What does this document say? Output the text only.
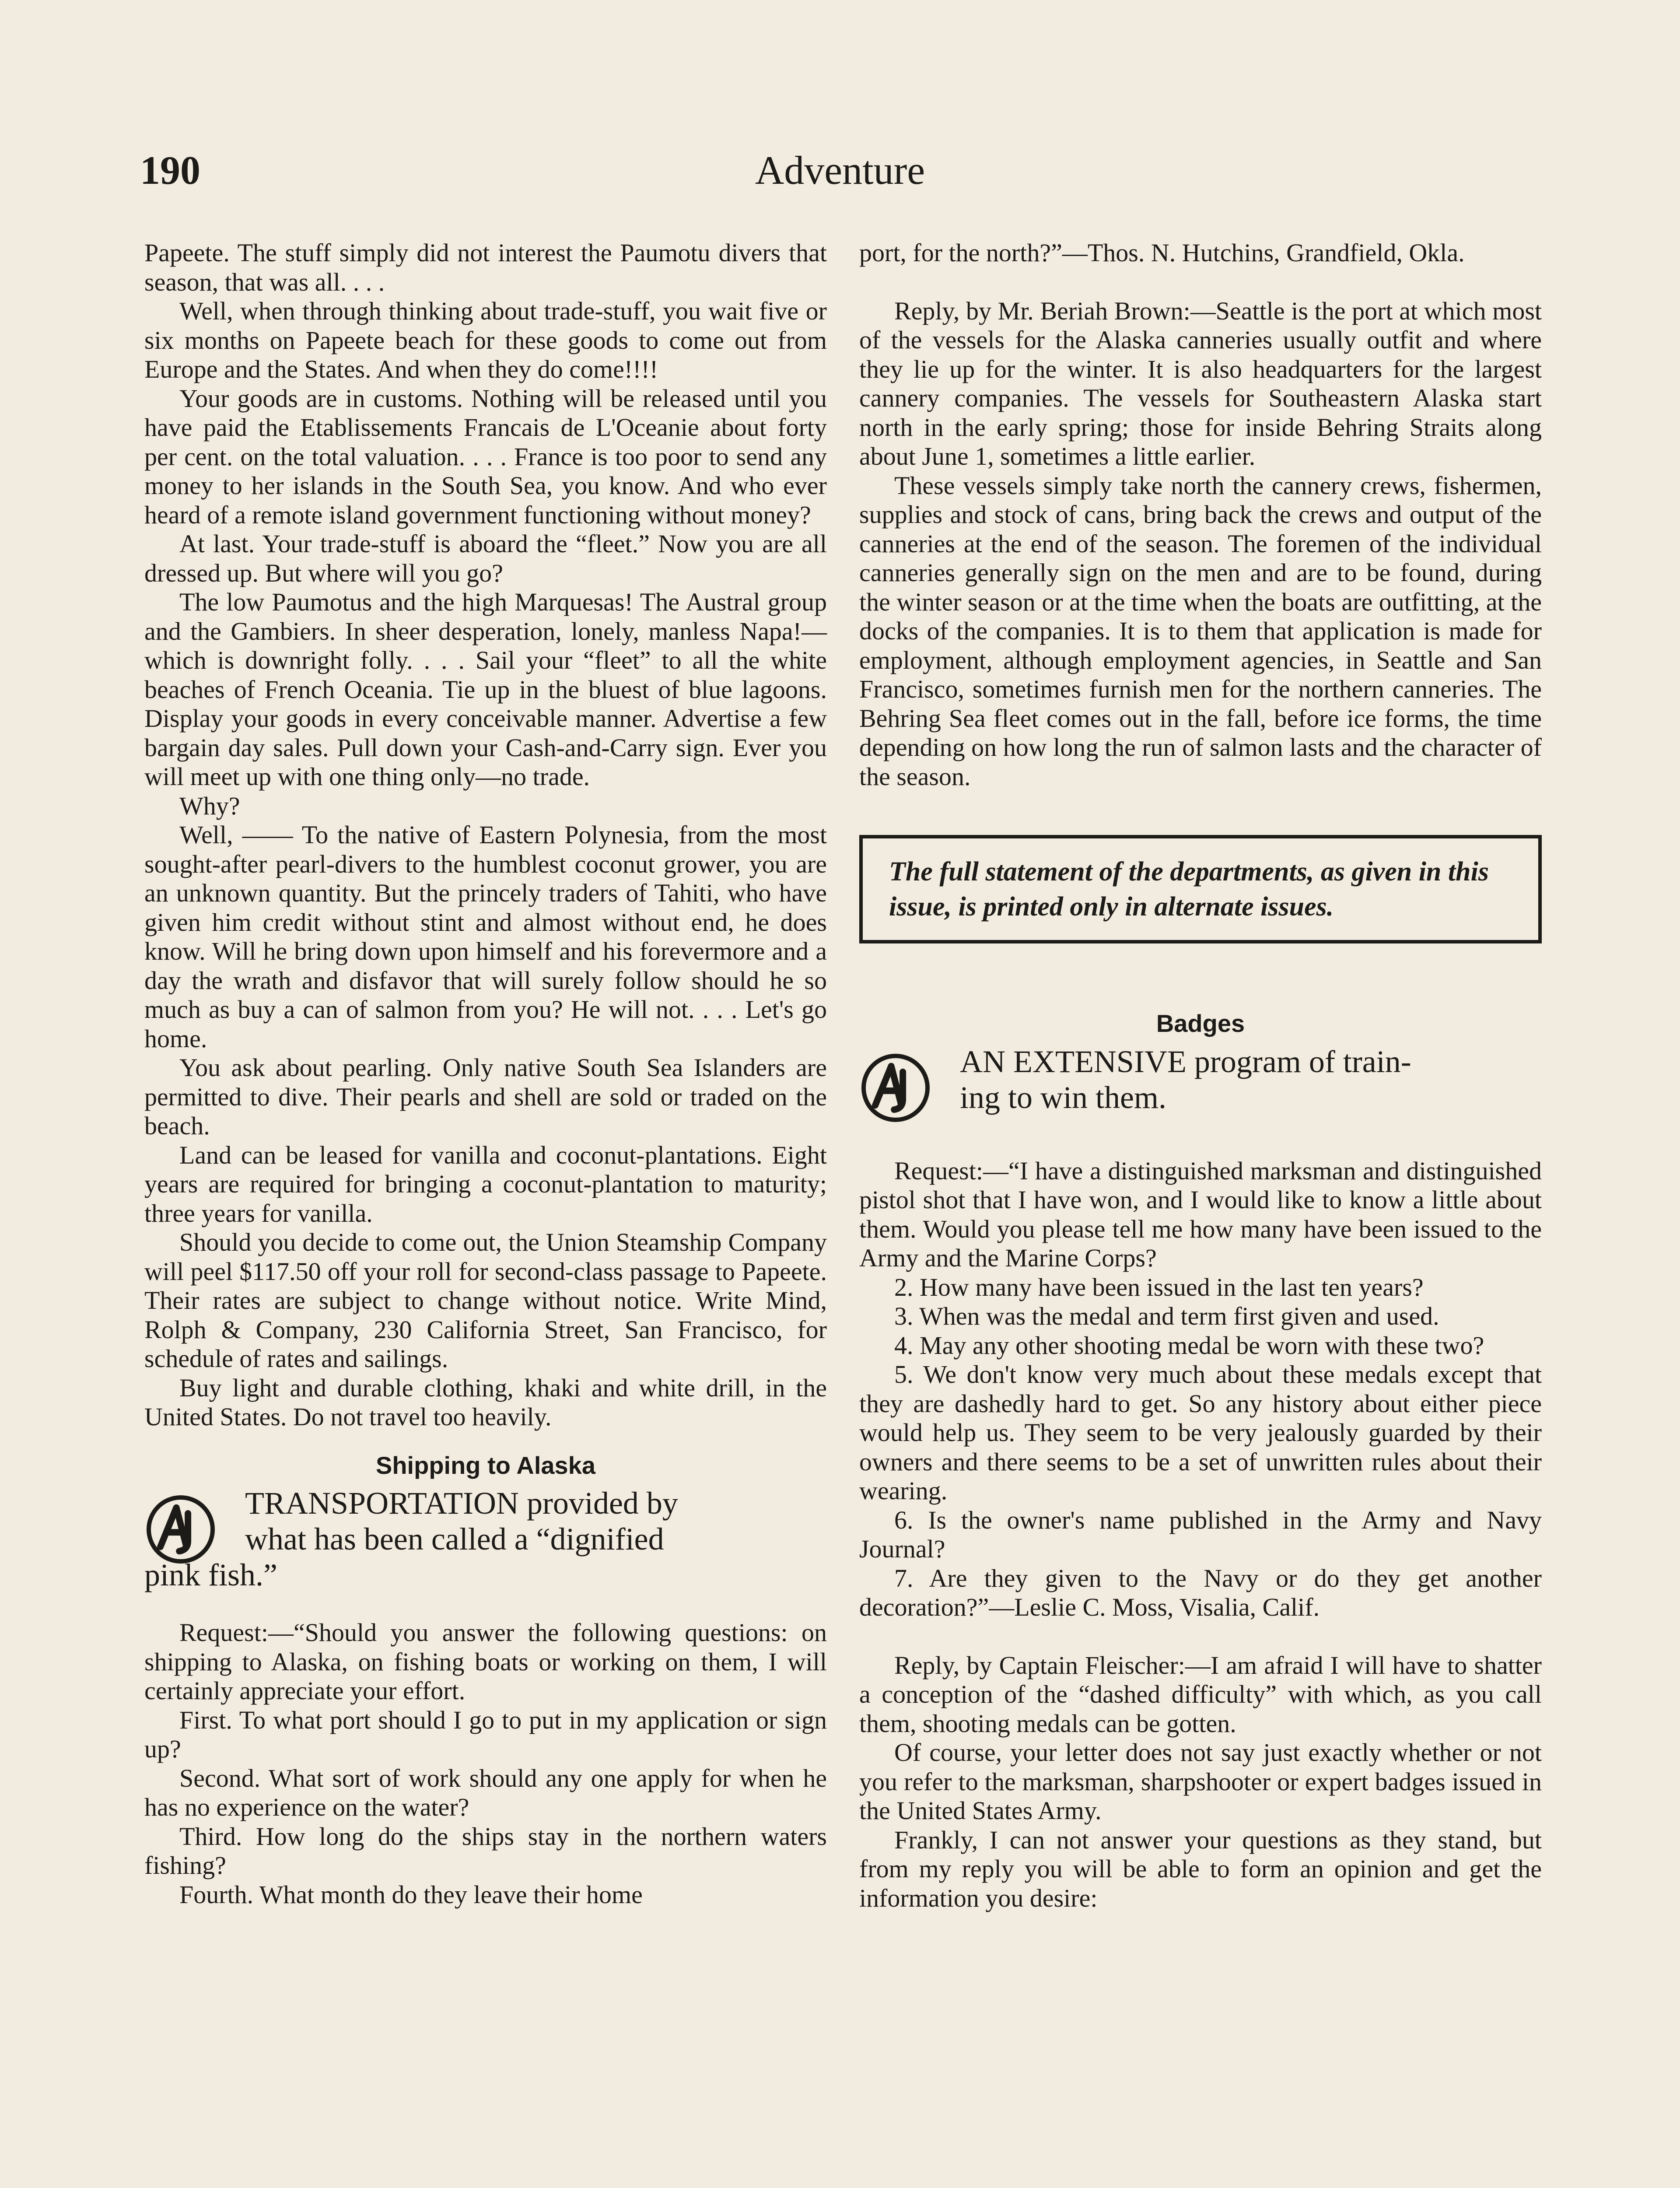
190	Adventure

Papeete. The stuff simply did not interest the Paumotu divers that season, that was all. . . .

Well, when through thinking about trade-stuff, you wait five or six months on Papeete beach for these goods to come out from Europe and the States. And when they do come!!!!

Your goods are in customs. Nothing will be released until you have paid the Etablissements Francais de L'Oceanie about forty per cent. on the total valuation. . . . France is too poor to send any money to her islands in the South Sea, you know. And who ever heard of a remote island government functioning without money?

At last. Your trade-stuff is aboard the “fleet.” Now you are all dressed up. But where will you go?

The low Paumotus and the high Marquesas! The Austral group and the Gambiers. In sheer desperation, lonely, manless Napa!—which is downright folly. . . . Sail your “fleet” to all the white beaches of French Oceania. Tie up in the bluest of blue lagoons. Display your goods in every conceivable manner. Advertise a few bargain day sales. Pull down your Cash-and-Carry sign. Ever you will meet up with one thing only—no trade.

Why?

Well, —— To the native of Eastern Polynesia, from the most sought-after pearl-divers to the humblest coconut grower, you are an unknown quantity. But the princely traders of Tahiti, who have given him credit without stint and almost without end, he does know. Will he bring down upon himself and his forevermore and a day the wrath and disfavor that will surely follow should he so much as buy a can of salmon from you? He will not. . . . Let's go home.

You ask about pearling. Only native South Sea Islanders are permitted to dive. Their pearls and shell are sold or traded on the beach.

Land can be leased for vanilla and coconut-plantations. Eight years are required for bringing a coconut-plantation to maturity; three years for vanilla.

Should you decide to come out, the Union Steamship Company will peel $117.50 off your roll for second-class passage to Papeete. Their rates are subject to change without notice. Write Mind, Rolph & Company, 230 California Street, San Francisco, for schedule of rates and sailings.

Buy light and durable clothing, khaki and white drill, in the United States. Do not travel too heavily.

Shipping to Alaska
TRANSPORTATION provided by
what has been called a “dignified
pink fish.”

Request:—“Should you answer the following questions: on shipping to Alaska, on fishing boats or working on them, I will certainly appreciate your effort.

First. To what port should I go to put in my application or sign up?

Second. What sort of work should any one apply for when he has no experience on the water?

Third. How long do the ships stay in the northern waters fishing?

Fourth. What month do they leave their home

port, for the north?”—Thos. N. Hutchins, Grandfield, Okla.

Reply, by Mr. Beriah Brown:—Seattle is the port at which most of the vessels for the Alaska canneries usually outfit and where they lie up for the winter. It is also headquarters for the largest cannery companies. The vessels for Southeastern Alaska start north in the early spring; those for inside Behring Straits along about June 1, sometimes a little earlier.

These vessels simply take north the cannery crews, fishermen, supplies and stock of cans, bring back the crews and output of the canneries at the end of the season. The foremen of the individual canneries generally sign on the men and are to be found, during the winter season or at the time when the boats are outfitting, at the docks of the companies. It is to them that application is made for employment, although employment agencies, in Seattle and San Francisco, sometimes furnish men for the northern canneries. The Behring Sea fleet comes out in the fall, before ice forms, the time depending on how long the run of salmon lasts and the character of the season.

The full statement of the departments, as given in this issue, is printed only in alternate issues.
Badges
AN EXTENSIVE program of train-
ing to win them.

Request:—“I have a distinguished marksman and distinguished pistol shot that I have won, and I would like to know a little about them. Would you please tell me how many have been issued to the Army and the Marine Corps?

2. How many have been issued in the last ten years?

3. When was the medal and term first given and used.

4. May any other shooting medal be worn with these two?

5. We don't know very much about these medals except that they are dashedly hard to get. So any history about either piece would help us. They seem to be very jealously guarded by their owners and there seems to be a set of unwritten rules about their wearing.

6. Is the owner's name published in the Army and Navy Journal?

7. Are they given to the Navy or do they get another decoration?”—Leslie C. Moss, Visalia, Calif.

Reply, by Captain Fleischer:—I am afraid I will have to shatter a conception of the “dashed difficulty” with which, as you call them, shooting medals can be gotten.

Of course, your letter does not say just exactly whether or not you refer to the marksman, sharpshooter or expert badges issued in the United States Army.

Frankly, I can not answer your questions as they stand, but from my reply you will be able to form an opinion and get the information you desire:
